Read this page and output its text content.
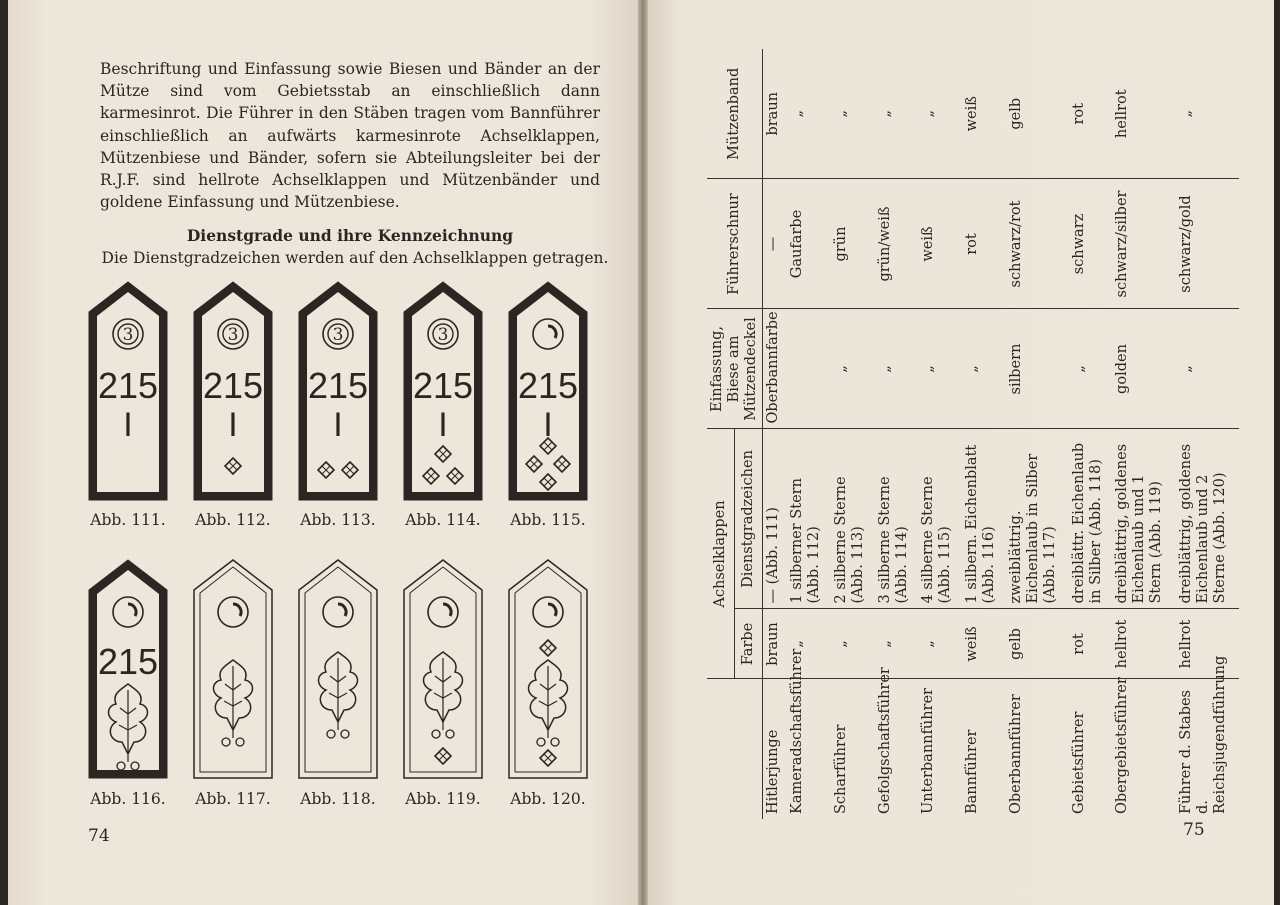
Beschriftung und Einfassung sowie Biesen und Bänder an der Mütze sind vom Gebietsstab an einschließlich dann karmesinrot. Die Führer in den Stäben tragen vom Bannführer einschließlich an aufwärts karmesinrote Achselklappen, Mützenbiese und Bänder, sofern sie Abteilungsleiter bei der R.J.F. sind hellrote Achselklappen und Mützenbänder und goldene Einfassung und Mützenbiese.

Dienstgrade und ihre Kennzeichnung
Die Dienstgradzeichen werden auf den Achselklappen getragen.
74
3
215
I
Abb. 111.
3
215
I
Abb. 112.
3
215
I
Abb. 113.
3
215
I
Abb. 114.
215
I
Abb. 115.
215
Abb. 116.	Abb. 117.	Abb. 118.	Abb. 119.	Abb. 120.
	Achselklappen		Einfassung, Biese am Mützendeckel	Führerschnur	Mützenband
	Farbe	Dienstgradzeichen			
Hitlerjunge	braun	— (Abb. 111)	Oberbannfarbe	—	braun
Kameradschaftsführer	„	1 silberner Stern (Abb. 112)		Gaufarbe	„
Scharführer	„	2 silberne Sterne (Abb. 113)	„	grün	„
Gefolgschaftsführer	„	3 silberne Sterne (Abb. 114)	„	grün/weiß	„
Unterbannführer	„	4 silberne Sterne (Abb. 115)	„	weiß	„
Bannführer	weiß	1 silbern. Eichenblatt (Abb. 116)	„	rot	weiß
Oberbannführer	gelb	zweiblättrig. Eichenlaub in Silber (Abb. 117)	silbern	schwarz/rot	gelb
Gebietsführer	rot	dreiblättr. Eichenlaub in Silber (Abb. 118)	„	schwarz	rot
Obergebietsführer	hellrot	dreiblättrig, goldenes Eichenlaub und 1 Stern (Abb. 119)	golden	schwarz/silber	hellrot
Führer d. Stabes d. Reichsjugendführung	hellrot	dreiblättrig, goldenes Eichenlaub und 2 Sterne (Abb. 120)	„	schwarz/gold	„
75
